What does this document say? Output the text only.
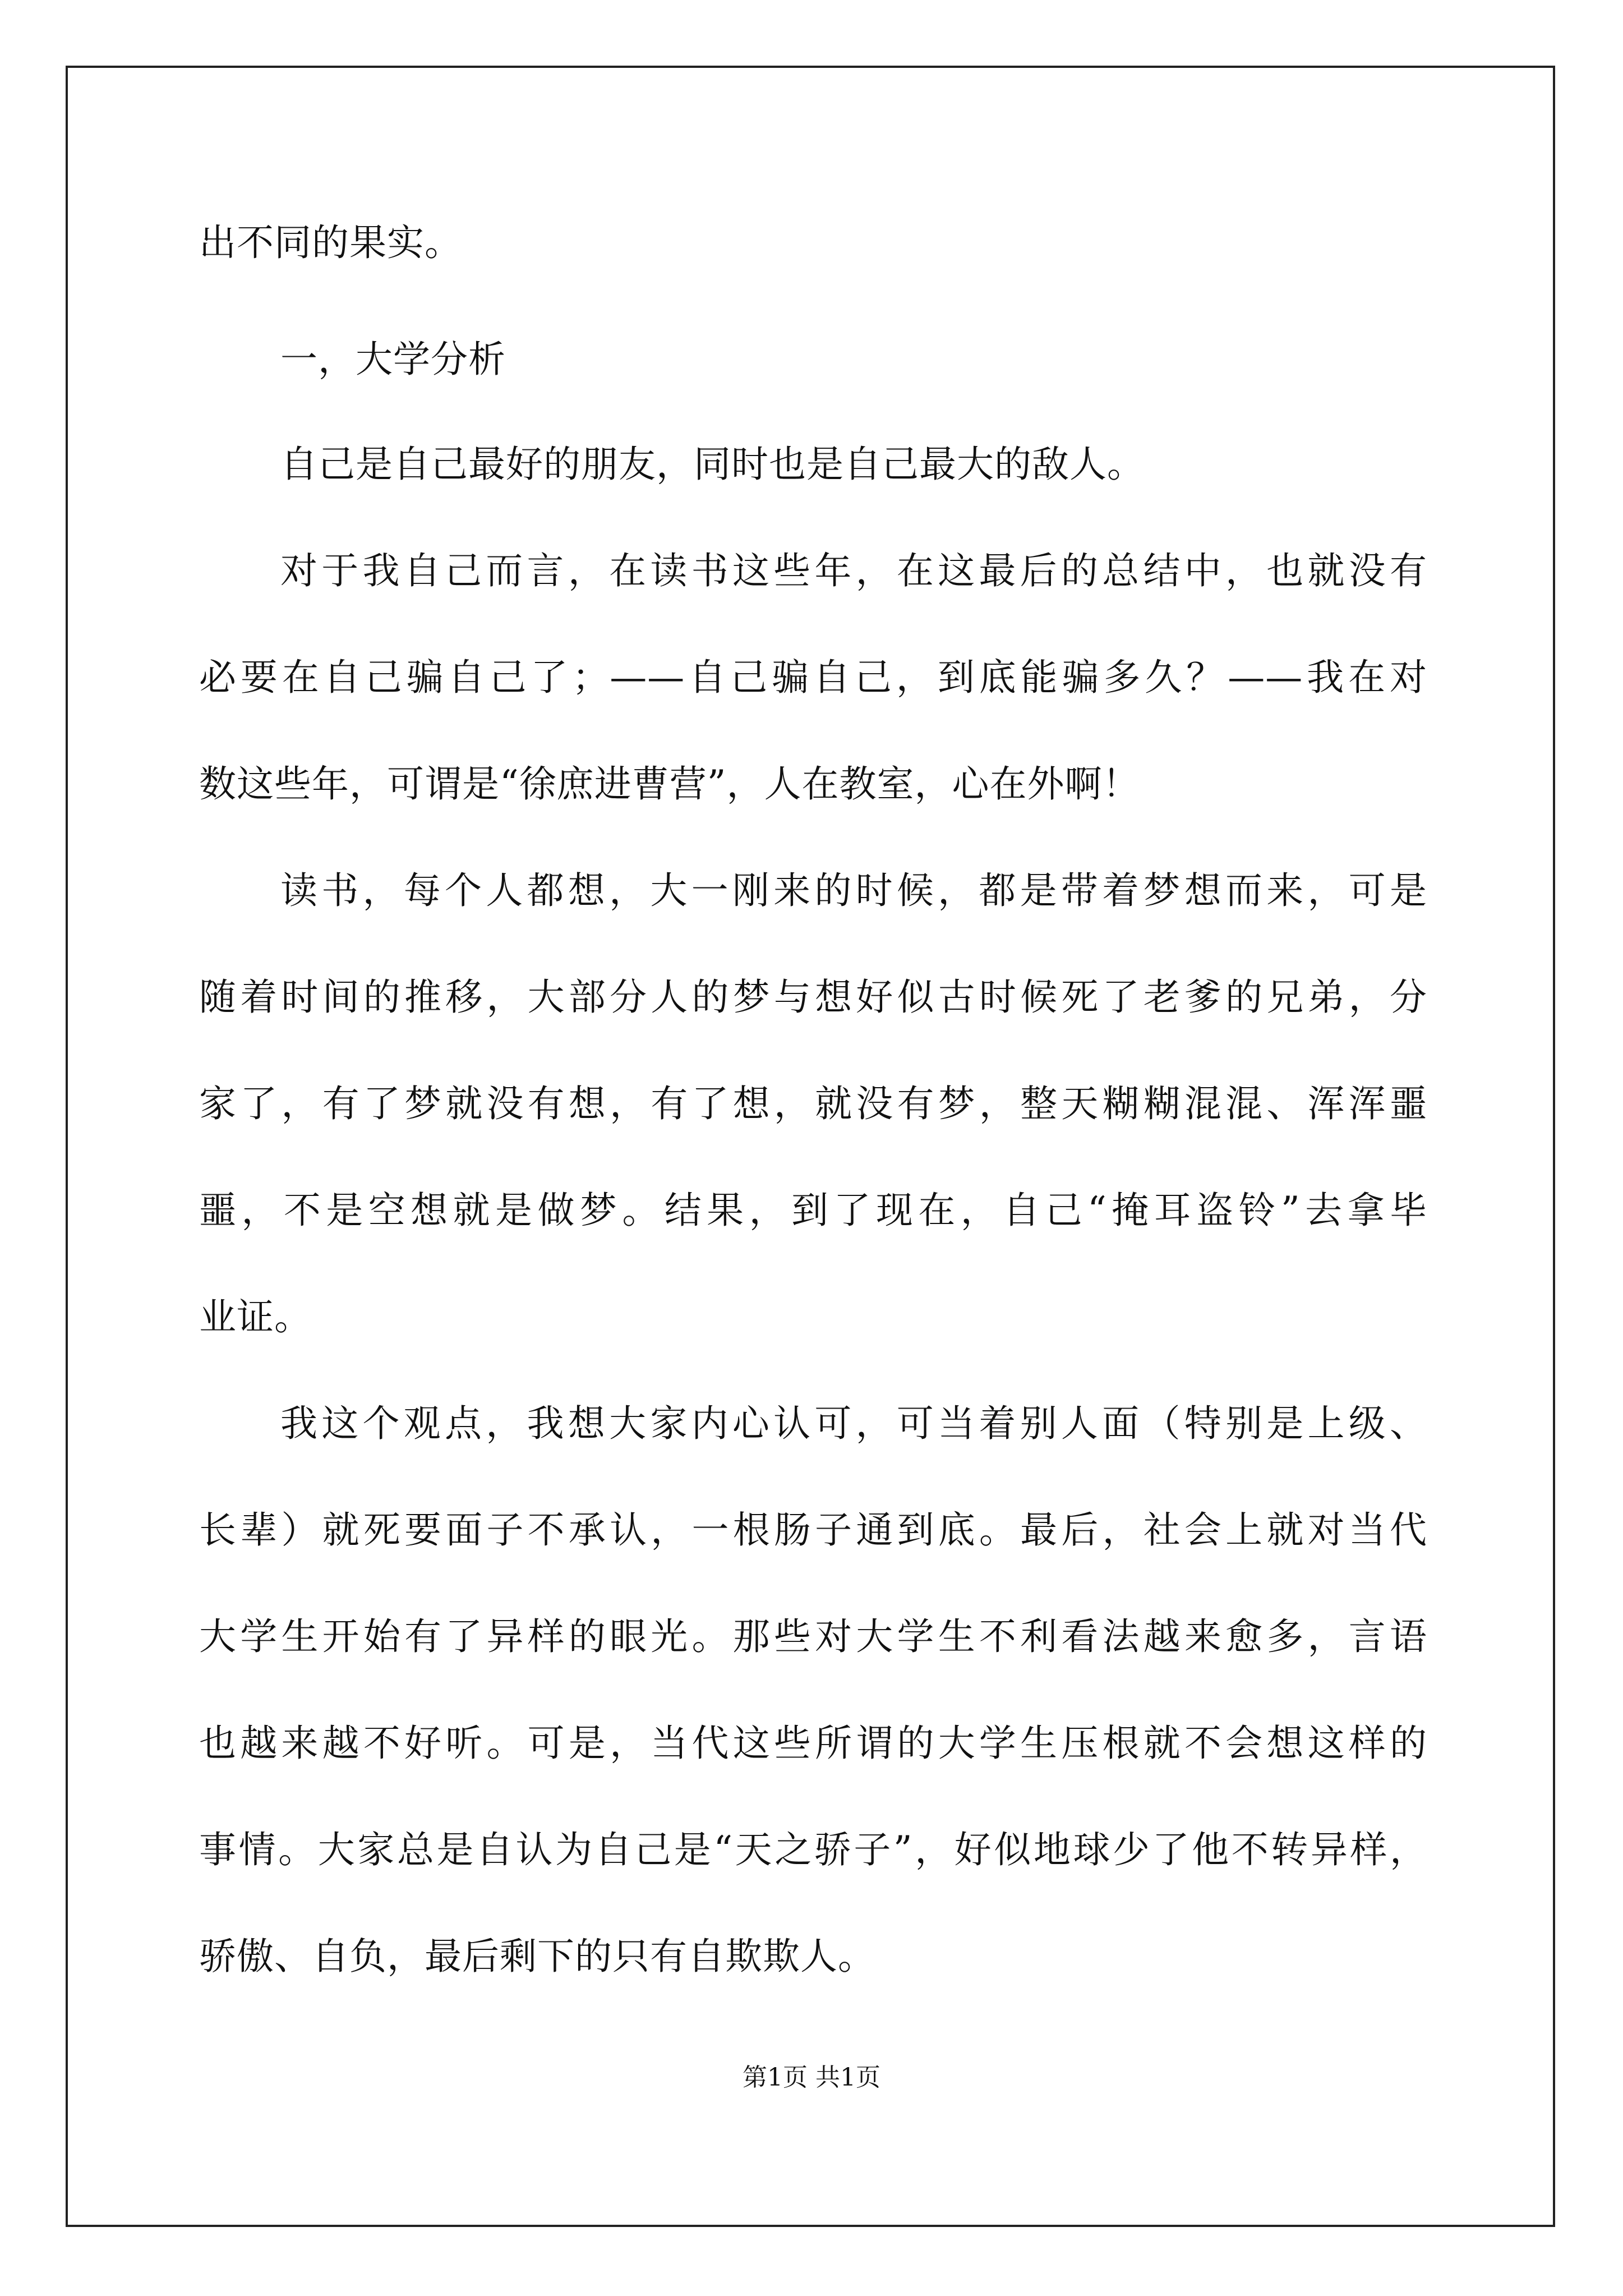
出不同的果实。
一，大学分析
自己是自己最好的朋友，同时也是自己最大的敌人。
对于我自己而言，在读书这些年，在这最后的总结中，也就没有
必要在自己骗自己了；——自己骗自己，到底能骗多久？——我在对
数这些年，可谓是“徐庶进曹营”，人在教室，心在外啊！
读书，每个人都想，大一刚来的时候，都是带着梦想而来，可是
随着时间的推移，大部分人的梦与想好似古时候死了老爹的兄弟，分
家了，有了梦就没有想，有了想，就没有梦，整天糊糊混混、浑浑噩
噩，不是空想就是做梦。结果，到了现在，自己“掩耳盗铃”去拿毕
业证。
我这个观点，我想大家内心认可，可当着别人面（特别是上级、
长辈）就死要面子不承认，一根肠子通到底。最后，社会上就对当代
大学生开始有了异样的眼光。那些对大学生不利看法越来愈多，言语
也越来越不好听。可是，当代这些所谓的大学生压根就不会想这样的
事情。大家总是自认为自己是“天之骄子”，好似地球少了他不转异样，
骄傲、自负，最后剩下的只有自欺欺人。
第1页 共1页
